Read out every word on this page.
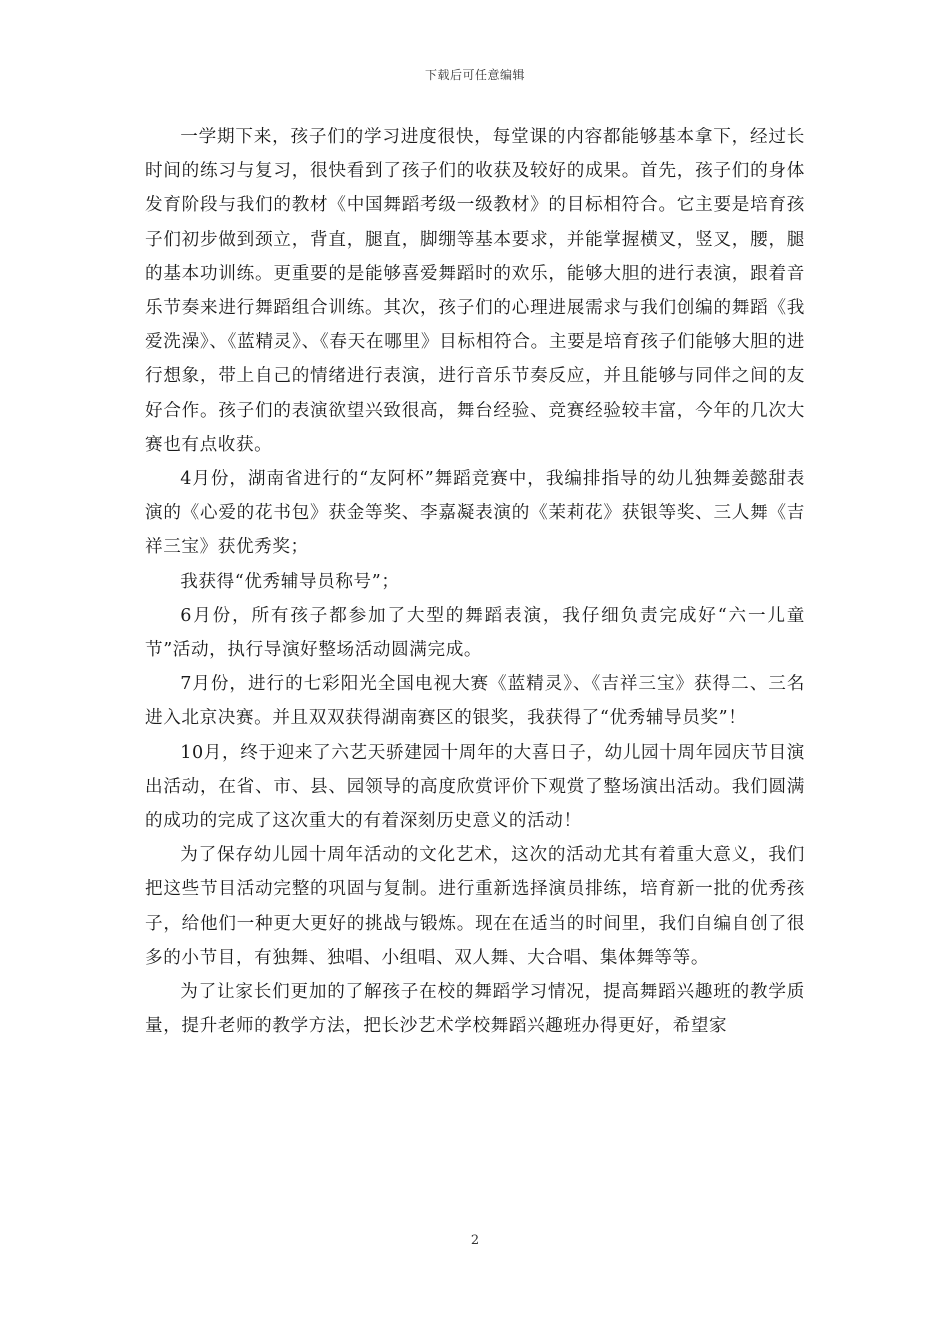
下载后可任意编辑

一学期下来，孩子们的学习进度很快，每堂课的内容都能够基本拿下，经过长时间的练习与复习，很快看到了孩子们的收获及较好的成果。首先，孩子们的身体发育阶段与我们的教材《中国舞蹈考级一级教材》的目标相符合。它主要是培育孩子们初步做到颈立，背直，腿直，脚绷等基本要求，并能掌握横叉，竖叉，腰，腿的基本功训练。更重要的是能够喜爱舞蹈时的欢乐，能够大胆的进行表演，跟着音乐节奏来进行舞蹈组合训练。其次，孩子们的心理进展需求与我们创编的舞蹈《我爱洗澡》、《蓝精灵》、《春天在哪里》目标相符合。主要是培育孩子们能够大胆的进行想象，带上自己的情绪进行表演，进行音乐节奏反应，并且能够与同伴之间的友好合作。孩子们的表演欲望兴致很高，舞台经验、竞赛经验较丰富，今年的几次大赛也有点收获。

4月份，湖南省进行的“友阿杯”舞蹈竞赛中，我编排指导的幼儿独舞姜懿甜表演的《心爱的花书包》获金等奖、李嘉凝表演的《茉莉花》获银等奖、三人舞《吉祥三宝》获优秀奖；

我获得“优秀辅导员称号”；

6月份，所有孩子都参加了大型的舞蹈表演，我仔细负责完成好“六一儿童节”活动，执行导演好整场活动圆满完成。

7月份，进行的七彩阳光全国电视大赛《蓝精灵》、《吉祥三宝》获得二、三名进入北京决赛。并且双双获得湖南赛区的银奖，我获得了“优秀辅导员奖”！

10月，终于迎来了六艺天骄建园十周年的大喜日子，幼儿园十周年园庆节目演出活动，在省、市、县、园领导的高度欣赏评价下观赏了整场演出活动。我们圆满的成功的完成了这次重大的有着深刻历史意义的活动！

为了保存幼儿园十周年活动的文化艺术，这次的活动尤其有着重大意义，我们把这些节目活动完整的巩固与复制。进行重新选择演员排练，培育新一批的优秀孩子，给他们一种更大更好的挑战与锻炼。现在在适当的时间里，我们自编自创了很多的小节目，有独舞、独唱、小组唱、双人舞、大合唱、集体舞等等。

为了让家长们更加的了解孩子在校的舞蹈学习情况，提高舞蹈兴趣班的教学质量，提升老师的教学方法，把长沙艺术学校舞蹈兴趣班办得更好，希望家

2
